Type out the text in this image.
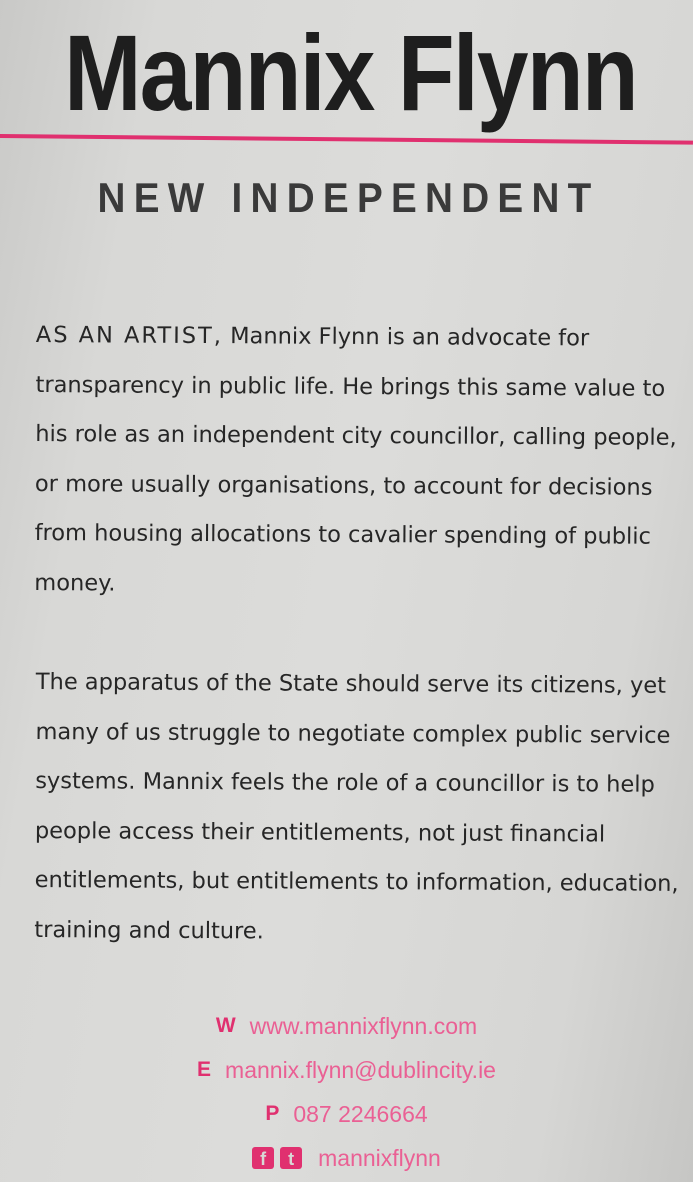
Mannix Flynn
NEW INDEPENDENT

AS AN ARTIST, Mannix Flynn is an advocate for transparency in public life. He brings this same value to his role as an independent city councillor, calling people, or more usually organisations, to account for decisions from housing allocations to cavalier spending of public money.

The apparatus of the State should serve its citizens, yet many of us struggle to negotiate complex public service systems. Mannix feels the role of a councillor is to help people access their entitlements, not just financial entitlements, but entitlements to information, education, training and culture.

W www.mannixflynn.com
E mannix.flynn@dublincity.ie
P 087 2246664
f	t	mannixflynn
